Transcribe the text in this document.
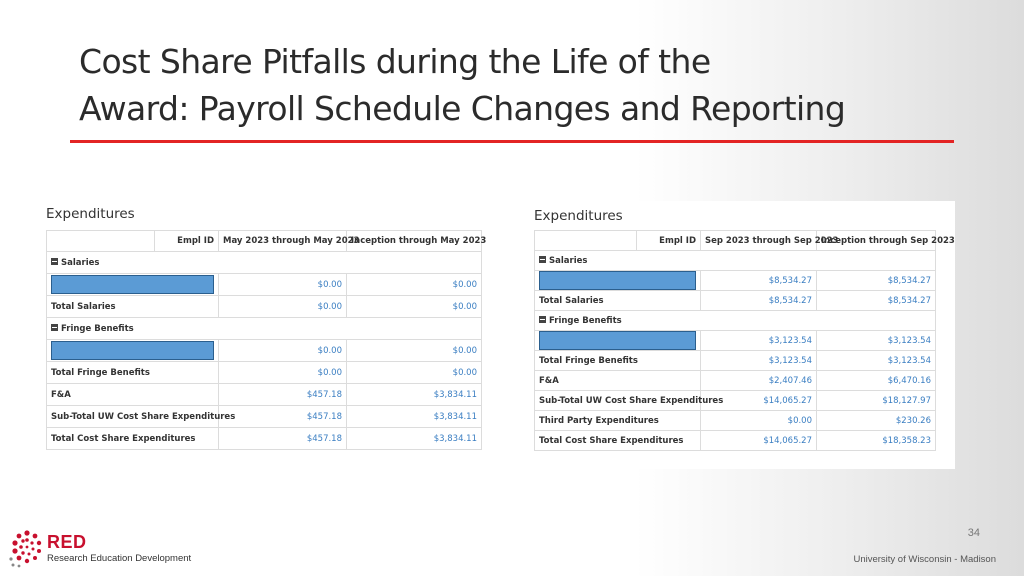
Cost Share Pitfalls during the Life of the
Award: Payroll Schedule Changes and Reporting
Expenditures
	Empl ID	May 2023 through May 2023	Inception through May 2023
Salaries			

		$0.00	$0.00
Total Salaries		$0.00	$0.00
Fringe Benefits			

		$0.00	$0.00
Total Fringe Benefits		$0.00	$0.00
F&A		$457.18	$3,834.11
Sub-Total UW Cost Share Expenditures		$457.18	$3,834.11
Total Cost Share Expenditures		$457.18	$3,834.11
Expenditures
	Empl ID	Sep 2023 through Sep 2023	Inception through Sep 2023
Salaries			

		$8,534.27	$8,534.27
Total Salaries		$8,534.27	$8,534.27
Fringe Benefits			

		$3,123.54	$3,123.54
Total Fringe Benefits		$3,123.54	$3,123.54
F&A		$2,407.46	$6,470.16
Sub-Total UW Cost Share Expenditures		$14,065.27	$18,127.97
Third Party Expenditures		$0.00	$230.26
Total Cost Share Expenditures		$14,065.27	$18,358.23
RED
Research Education Development
34
University of Wisconsin - Madison
